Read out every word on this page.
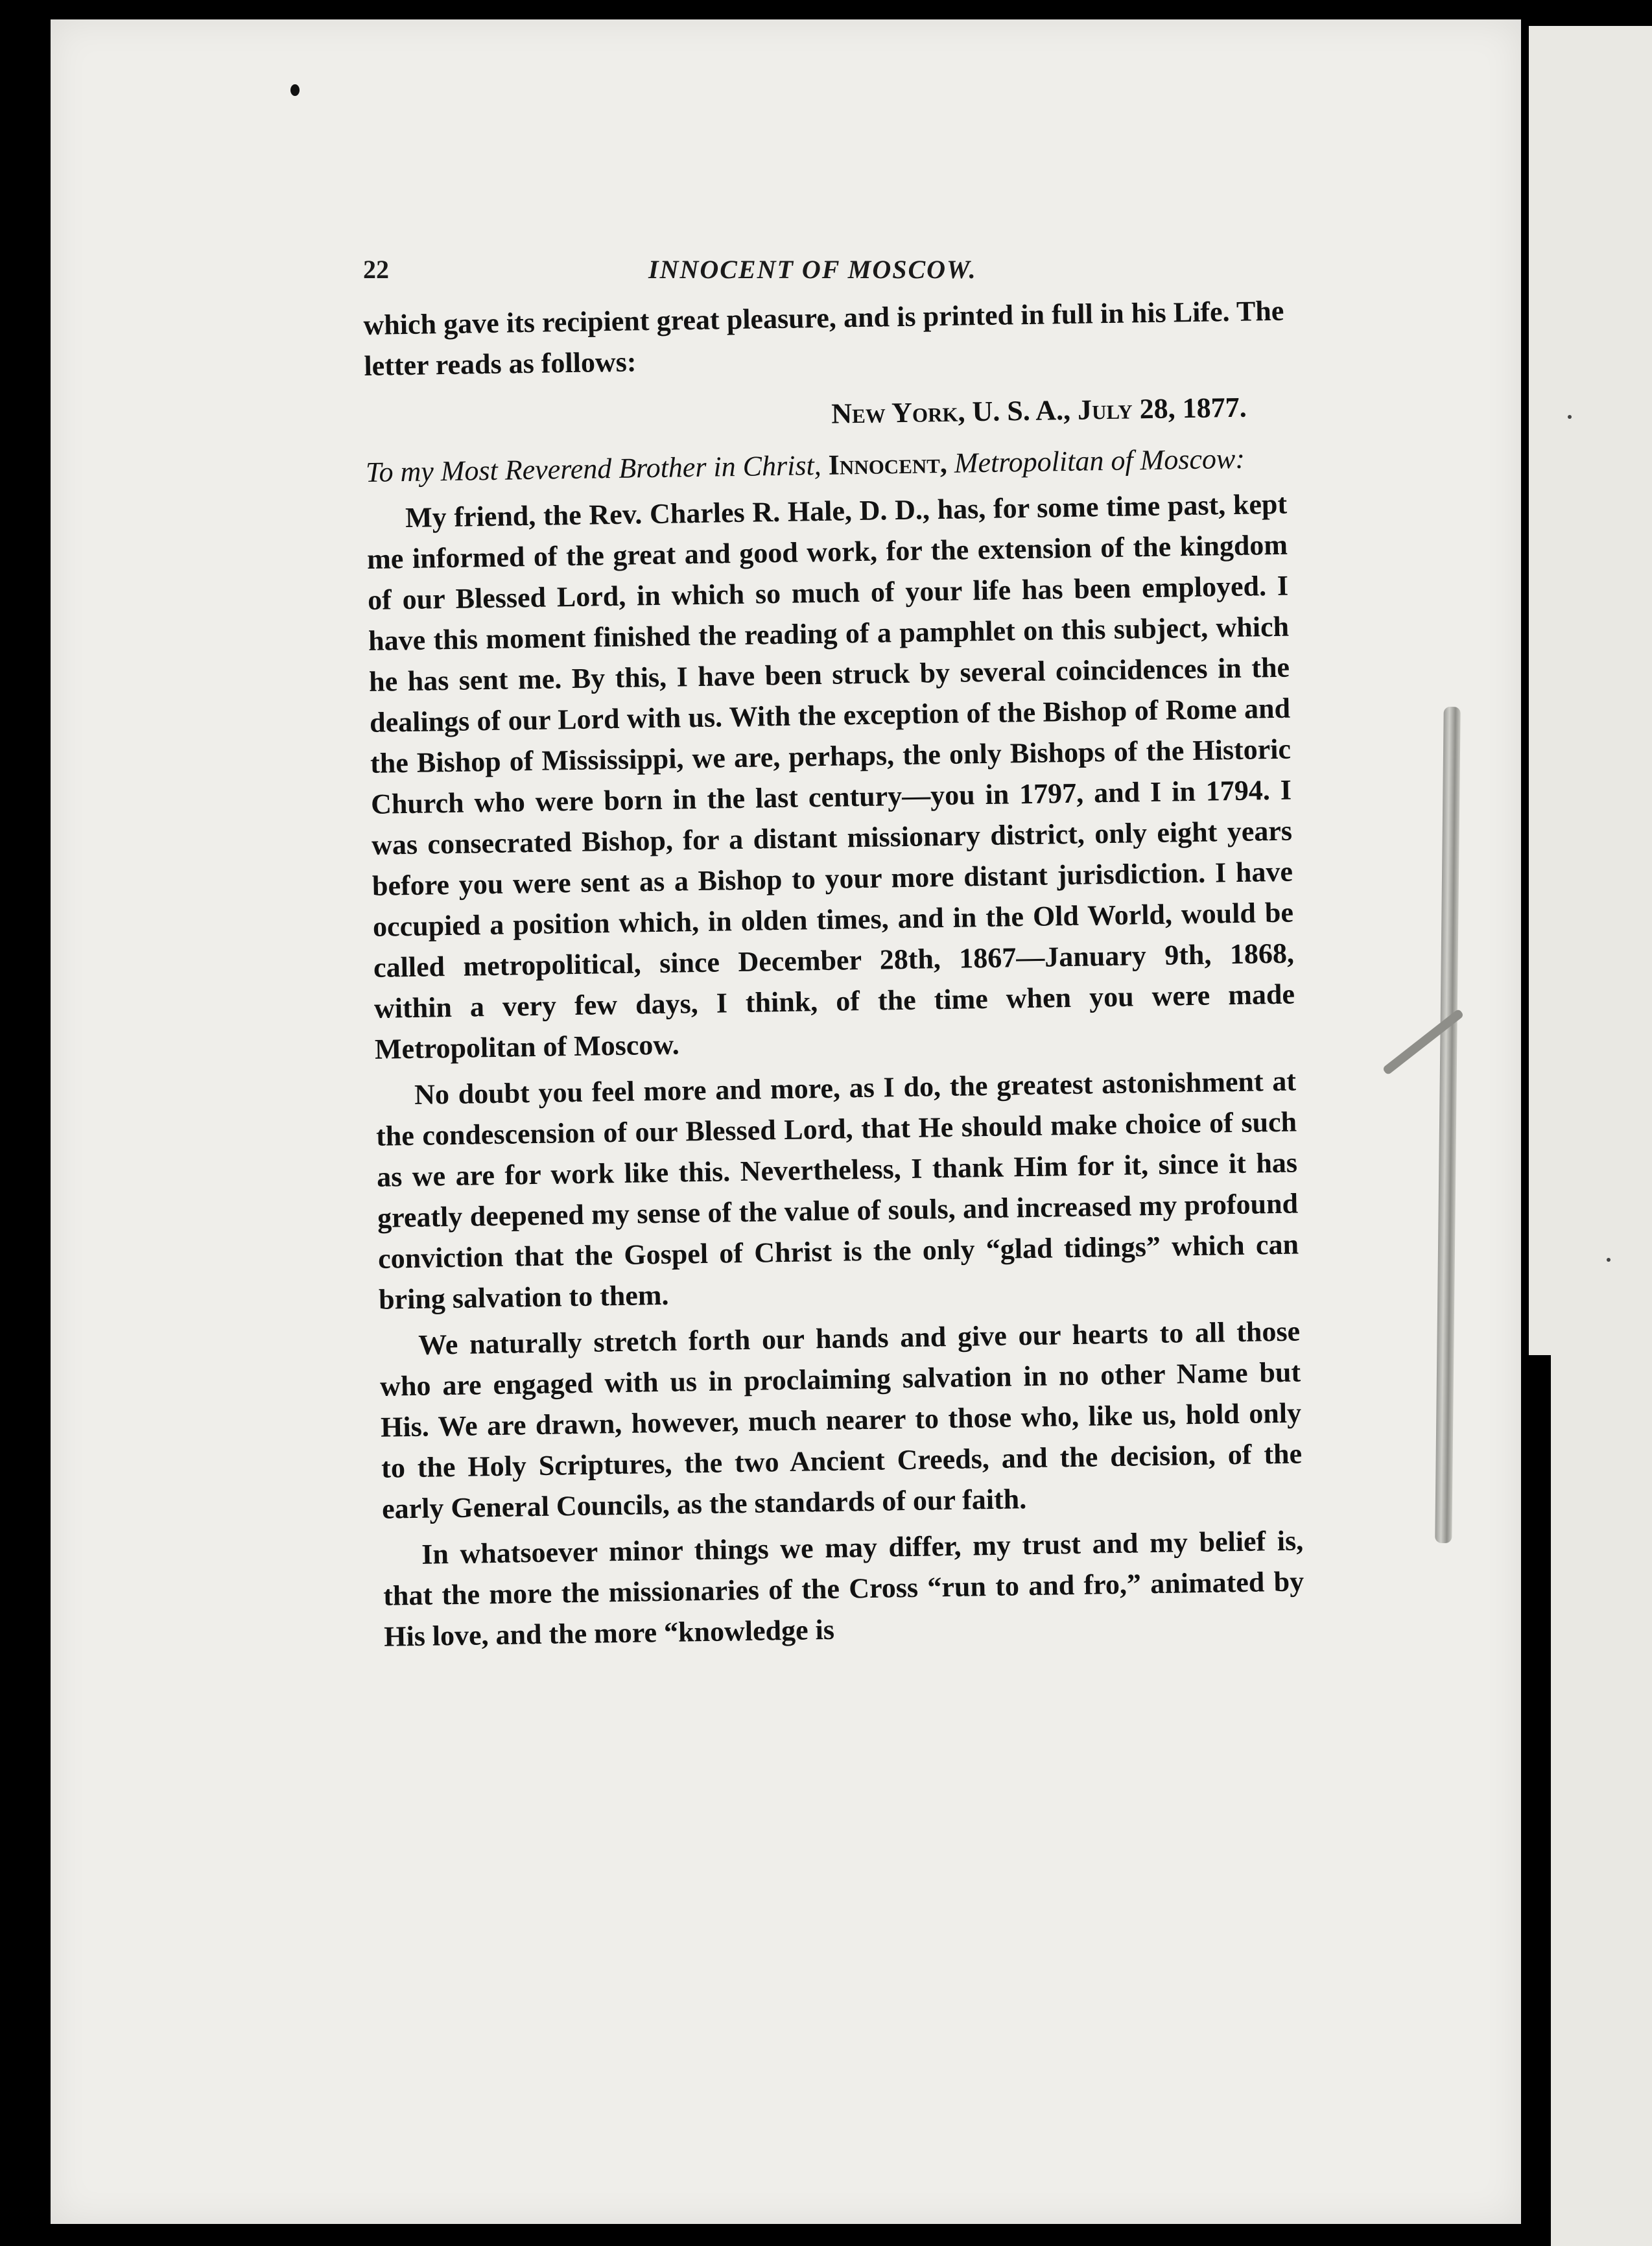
22	INNOCENT OF MOSCOW.

which gave its recipient great pleasure, and is printed in full in his Life. The letter reads as follows:

New York, U. S. A., July 28, 1877.

To my Most Reverend Brother in Christ, Innocent, Metropolitan of Moscow:

My friend, the Rev. Charles R. Hale, D. D., has, for some time past, kept me informed of the great and good work, for the extension of the kingdom of our Blessed Lord, in which so much of your life has been employed. I have this moment finished the reading of a pamphlet on this subject, which he has sent me. By this, I have been struck by several coincidences in the dealings of our Lord with us. With the exception of the Bishop of Rome and the Bishop of Mississippi, we are, perhaps, the only Bishops of the Historic Church who were born in the last century—you in 1797, and I in 1794. I was consecrated Bishop, for a distant missionary district, only eight years before you were sent as a Bishop to your more distant jurisdiction. I have occupied a position which, in olden times, and in the Old World, would be called metropolitical, since December 28th, 1867—January 9th, 1868, within a very few days, I think, of the time when you were made Metropolitan of Moscow.

No doubt you feel more and more, as I do, the greatest astonishment at the condescension of our Blessed Lord, that He should make choice of such as we are for work like this. Nevertheless, I thank Him for it, since it has greatly deepened my sense of the value of souls, and increased my profound conviction that the Gospel of Christ is the only “glad tidings” which can bring salvation to them.

We naturally stretch forth our hands and give our hearts to all those who are engaged with us in proclaiming salvation in no other Name but His. We are drawn, however, much nearer to those who, like us, hold only to the Holy Scriptures, the two Ancient Creeds, and the decision, of the early General Councils, as the standards of our faith.

In whatsoever minor things we may differ, my trust and my belief is, that the more the missionaries of the Cross “run to and fro,” animated by His love, and the more “knowledge is
